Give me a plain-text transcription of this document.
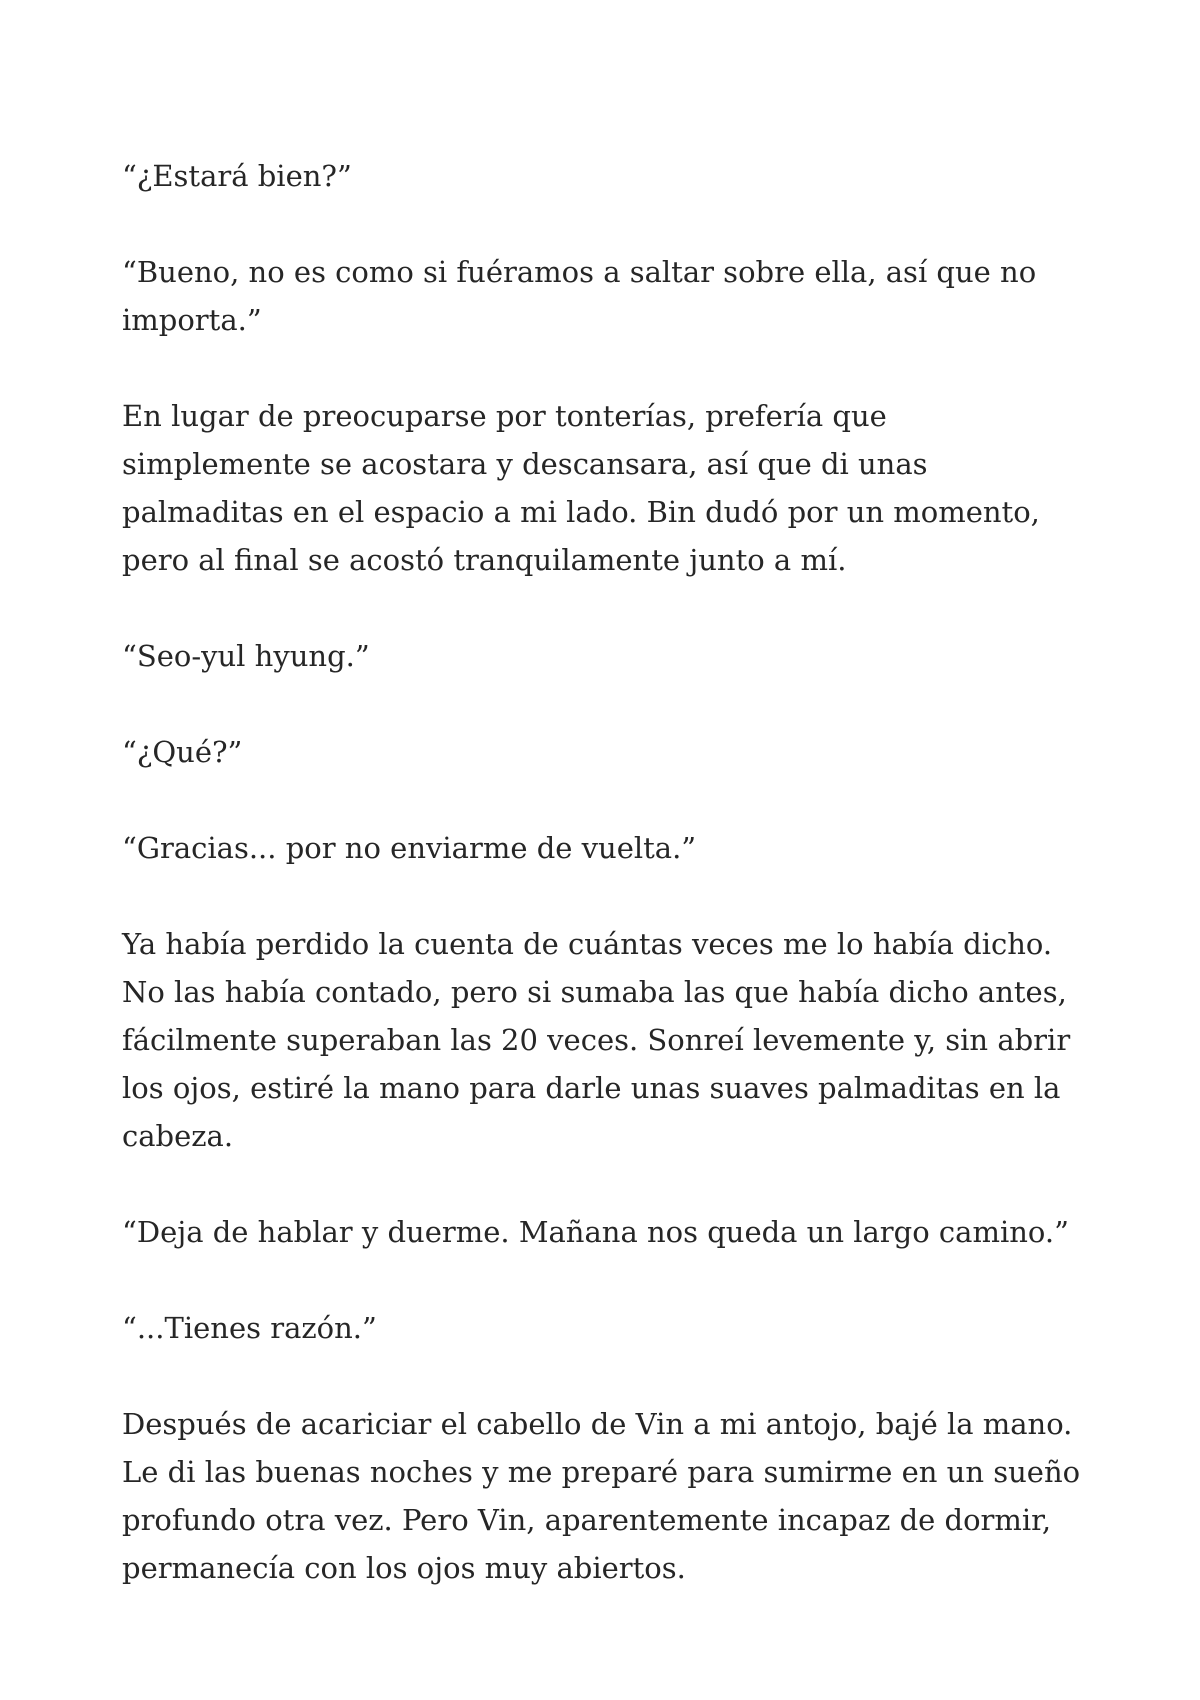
“¿Estará bien?”

“Bueno, no es como si fuéramos a saltar sobre ella, así que no importa.”

En lugar de preocuparse por tonterías, prefería que simplemente se acostara y descansara, así que di unas palmaditas en el espacio a mi lado. Bin dudó por un momento, pero al final se acostó tranquilamente junto a mí.

“Seo-yul hyung.”

“¿Qué?”

“Gracias... por no enviarme de vuelta.”

Ya había perdido la cuenta de cuántas veces me lo había dicho. No las había contado, pero si sumaba las que había dicho antes, fácilmente superaban las 20 veces. Sonreí levemente y, sin abrir los ojos, estiré la mano para darle unas suaves palmaditas en la cabeza.

“Deja de hablar y duerme. Mañana nos queda un largo camino.”

“...Tienes razón.”

Después de acariciar el cabello de Vin a mi antojo, bajé la mano. Le di las buenas noches y me preparé para sumirme en un sueño profundo otra vez. Pero Vin, aparentemente incapaz de dormir, permanecía con los ojos muy abiertos.
